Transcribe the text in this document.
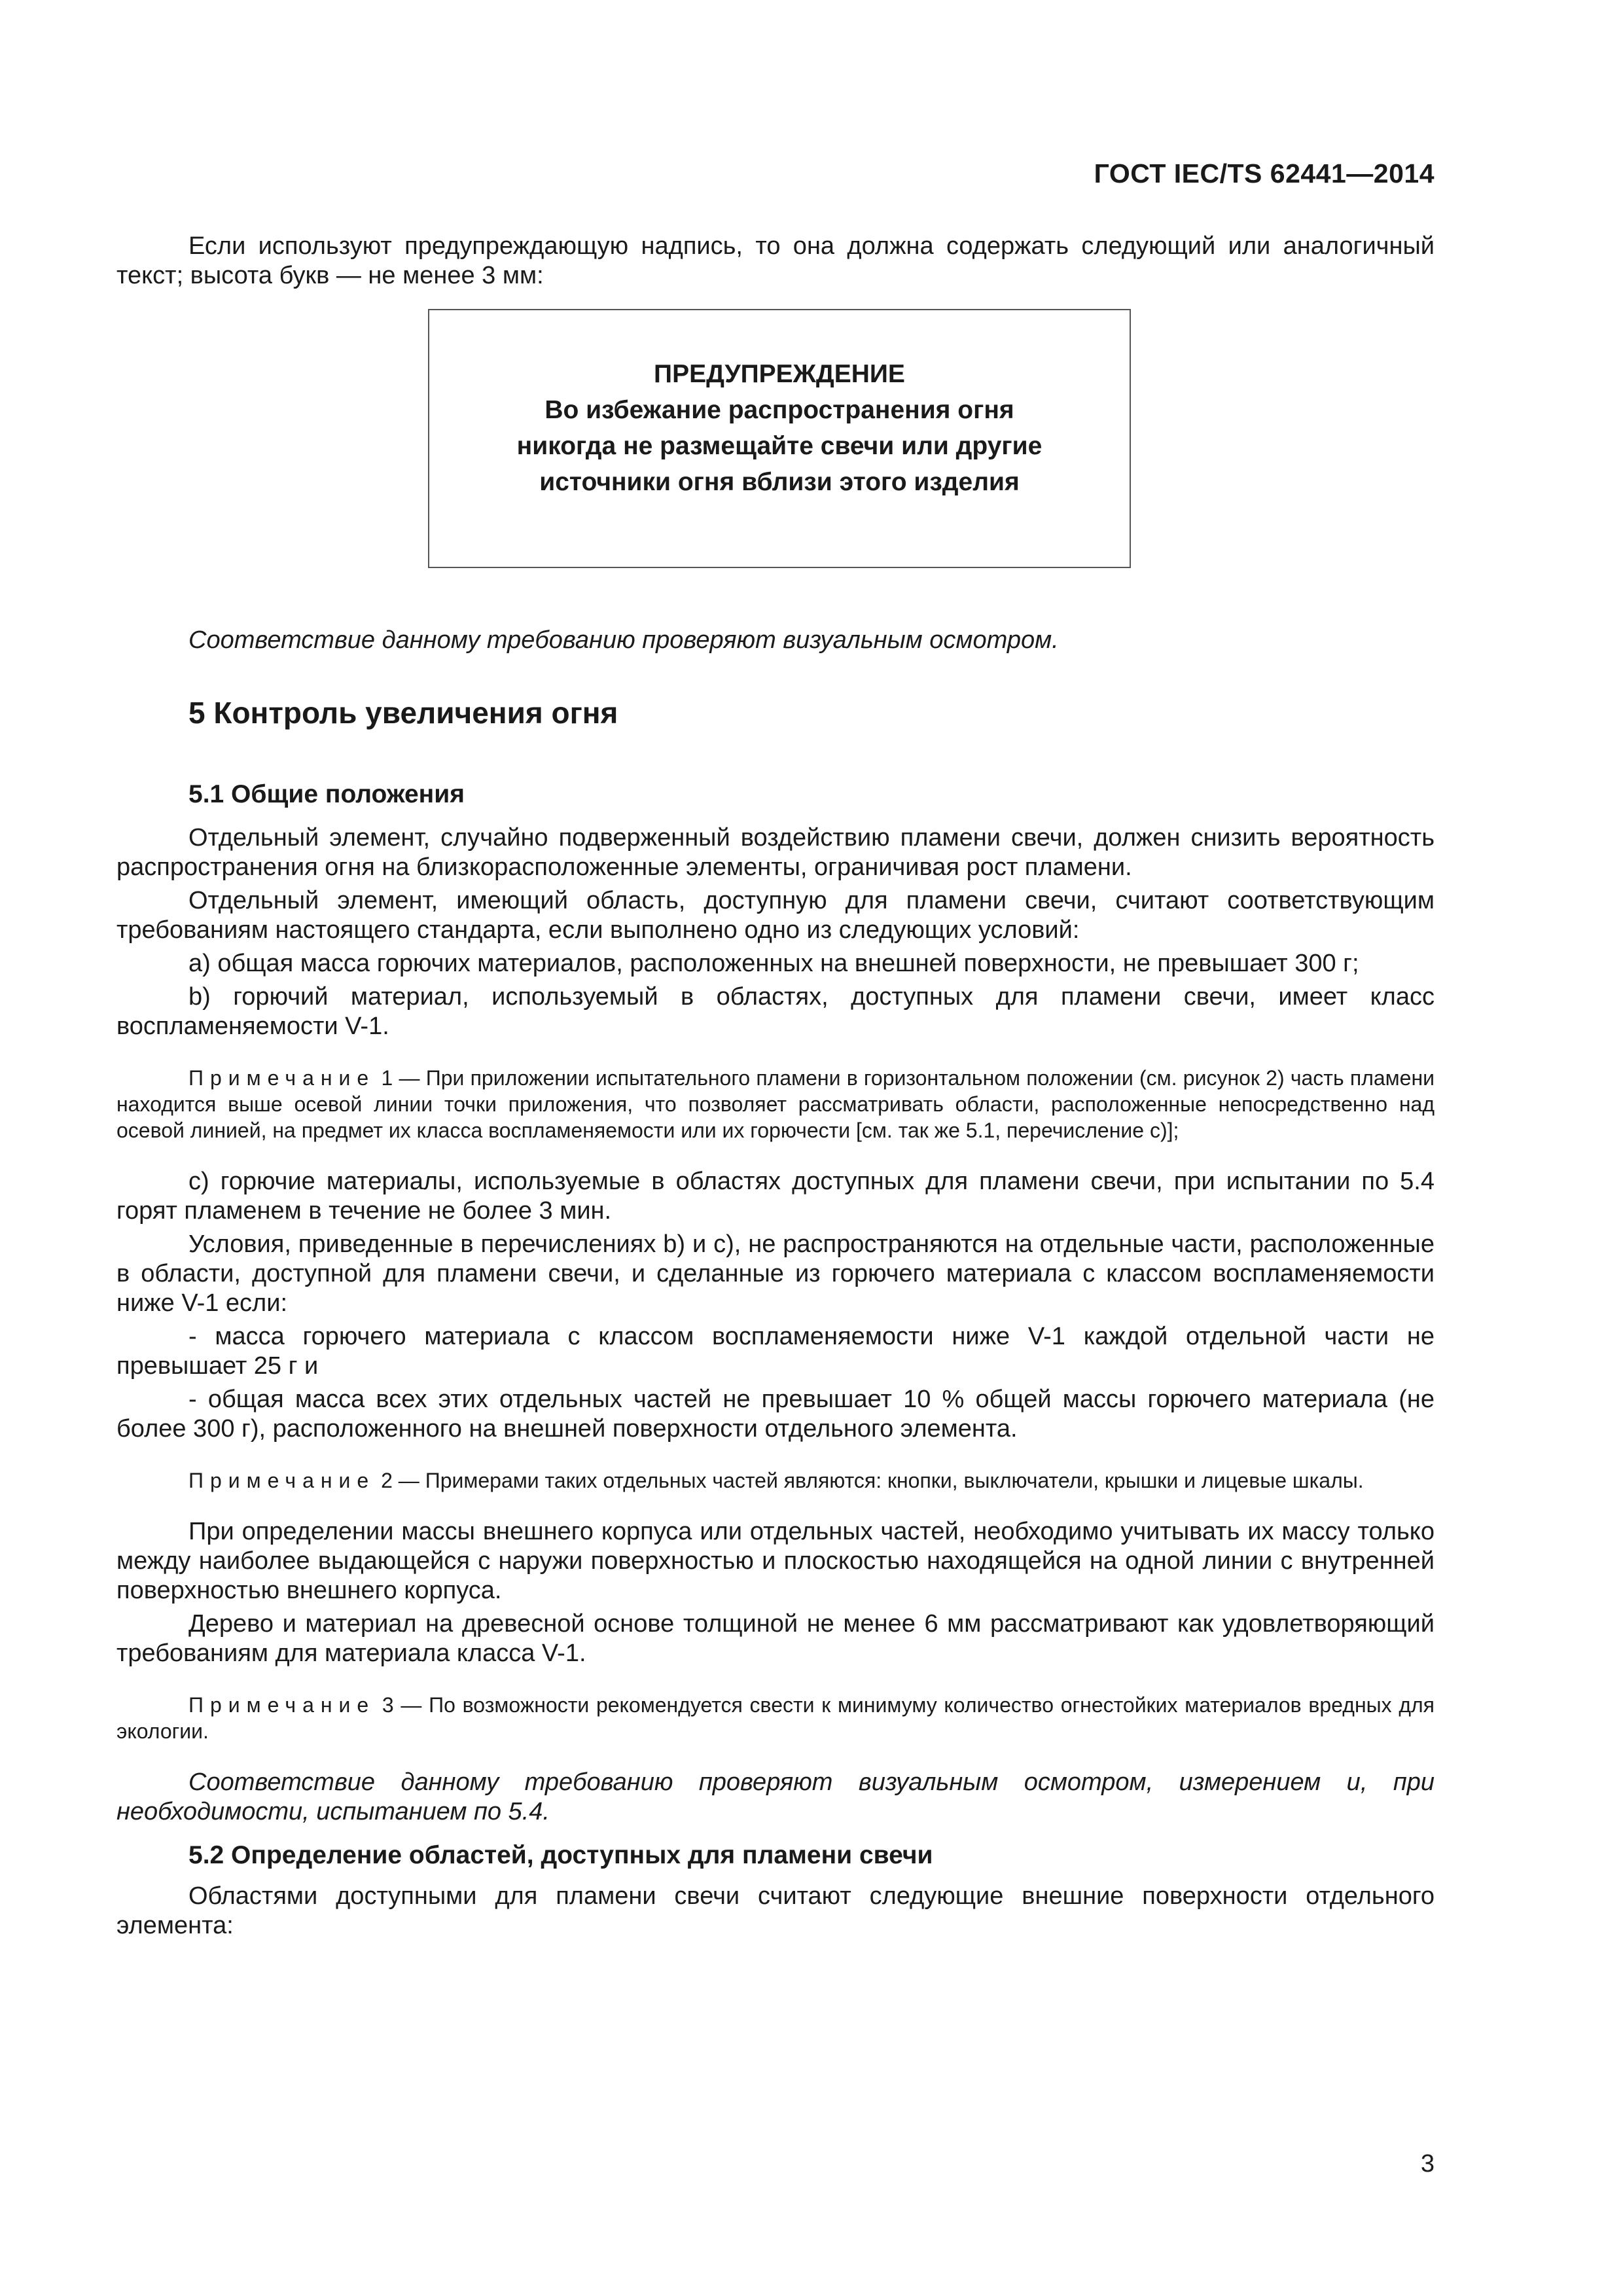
ГОСТ IEC/TS 62441—2014

Если используют предупреждающую надпись, то она должна содержать следующий или аналогичный текст; высота букв — не менее 3 мм:

ПРЕДУПРЕЖДЕНИЕ
Во избежание распространения огня
никогда не размещайте свечи или другие
источники огня вблизи этого изделия

Соответствие данному требованию проверяют визуальным осмотром.

5 Контроль увеличения огня
5.1 Общие положения

Отдельный элемент, случайно подверженный воздействию пламени свечи, должен снизить вероятность распространения огня на близкорасположенные элементы, ограничивая рост пламени.

Отдельный элемент, имеющий область, доступную для пламени свечи, считают соответствующим требованиям настоящего стандарта, если выполнено одно из следующих условий:

а) общая масса горючих материалов, расположенных на внешней поверхности, не превышает 300 г;

b) горючий материал, используемый в областях, доступных для пламени свечи, имеет класс воспламеняемости V-1.

Примечание 1 — При приложении испытательного пламени в горизонтальном положении (см. рисунок 2) часть пламени находится выше осевой линии точки приложения, что позволяет рассматривать области, расположенные непосредственно над осевой линией, на предмет их класса воспламеняемости или их горючести [см. так же 5.1, перечисление с)];

с) горючие материалы, используемые в областях доступных для пламени свечи, при испытании по 5.4 горят пламенем в течение не более 3 мин.

Условия, приведенные в перечислениях b) и с), не распространяются на отдельные части, расположенные в области, доступной для пламени свечи, и сделанные из горючего материала с классом воспламеняемости ниже V-1 если:

- масса горючего материала с классом воспламеняемости ниже V-1 каждой отдельной части не превышает 25 г и

- общая масса всех этих отдельных частей не превышает 10 % общей массы горючего материала (не более 300 г), расположенного на внешней поверхности отдельного элемента.

Примечание 2 — Примерами таких отдельных частей являются: кнопки, выключатели, крышки и лицевые шкалы.

При определении массы внешнего корпуса или отдельных частей, необходимо учитывать их массу только между наиболее выдающейся с наружи поверхностью и плоскостью находящейся на одной линии с внутренней поверхностью внешнего корпуса.

Дерево и материал на древесной основе толщиной не менее 6 мм рассматривают как удовлетворяющий требованиям для материала класса V-1.

Примечание 3 — По возможности рекомендуется свести к минимуму количество огнестойких материалов вредных для экологии.

Соответствие данному требованию проверяют визуальным осмотром, измерением и, при необходимости, испытанием по 5.4.

5.2 Определение областей, доступных для пламени свечи

Областями доступными для пламени свечи считают следующие внешние поверхности отдельного элемента:

3
